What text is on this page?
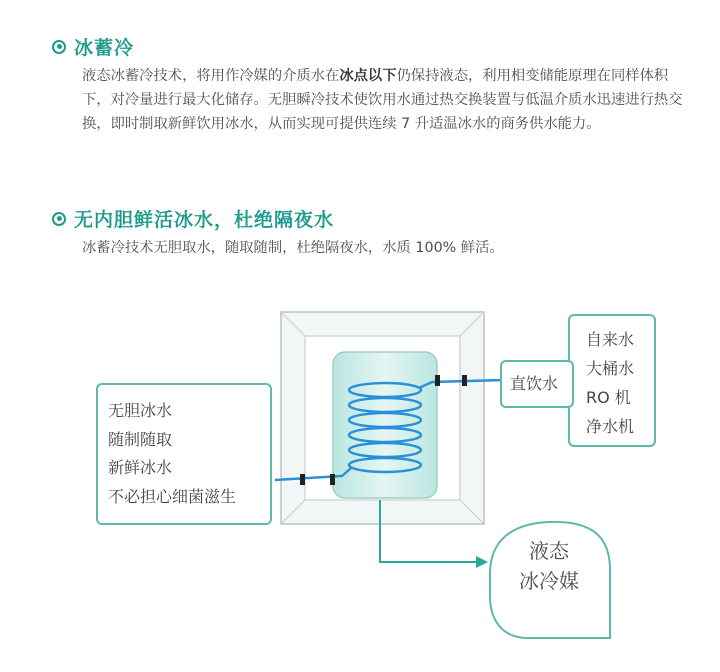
冰蓄冷
液态冰蓄冷技术，将用作冷媒的介质水在冰点以下仍保持液态，利用相变储能原理在同样体积下，对冷量进行最大化储存。无胆瞬冷技术使饮用水通过热交换装置与低温介质水迅速进行热交换，即时制取新鲜饮用冰水，从而实现可提供连续 7 升适温冰水的商务供水能力。
无内胆鲜活冰水，杜绝隔夜水
冰蓄冷技术无胆取水，随取随制，杜绝隔夜水，水质 100% 鲜活。
无胆冰水
随制随取
新鲜冰水
不必担心细菌滋生
自来水
大桶水
RO 机
净水机
直饮水
液态
冰冷媒
